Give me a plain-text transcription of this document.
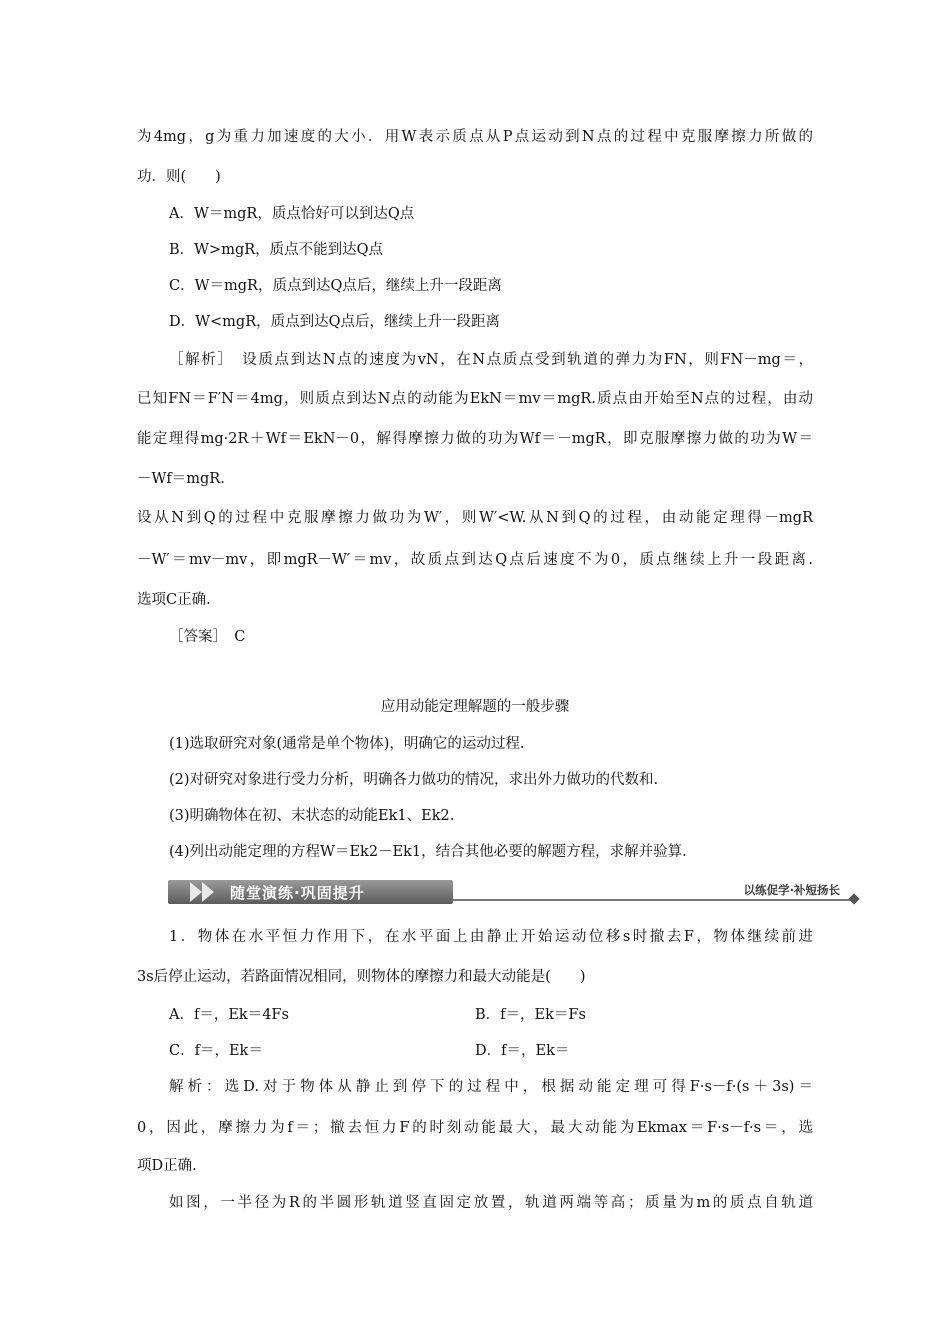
为4mg，g为重力加速度的大小．用W表示质点从P点运动到N点的过程中克服摩擦力所做的
功．则(　　)
A．W＝mgR，质点恰好可以到达Q点
B．W>mgR，质点不能到达Q点
C．W＝mgR，质点到达Q点后，继续上升一段距离
D．W<mgR，质点到达Q点后，继续上升一段距离
［解析］　设质点到达N点的速度为vN，在N点质点受到轨道的弹力为FN，则FN－mg＝，
已知FN＝F′N＝4mg，则质点到达N点的动能为EkN＝mv＝mgR.质点由开始至N点的过程，由动
能定理得mg·2R＋Wf＝EkN－0，解得摩擦力做的功为Wf＝－mgR，即克服摩擦力做的功为W＝
－Wf＝mgR.
设从N到Q的过程中克服摩擦力做功为W′，则W′<W.从N到Q的过程，由动能定理得－mgR
－W′＝mv－mv，即mgR－W′＝mv，故质点到达Q点后速度不为0，质点继续上升一段距离.
选项C正确.
［答案］　C
应用动能定理解题的一般步骤
(1)选取研究对象(通常是单个物体)，明确它的运动过程.
(2)对研究对象进行受力分析，明确各力做功的情况，求出外力做功的代数和.
(3)明确物体在初、末状态的动能Ek1、Ek2.
(4)列出动能定理的方程W＝Ek2－Ek1，结合其他必要的解题方程，求解并验算.
随堂演练·巩固提升	以练促学·补短扬长
1．物体在水平恒力作用下，在水平面上由静止开始运动位移s时撤去F，物体继续前进
3s后停止运动，若路面情况相同，则物体的摩擦力和最大动能是(　　)
A．f＝，Ek＝4Fs	B．f＝，Ek＝Fs
C．f＝，Ek＝	D．f＝，Ek＝
解析：选D.对于物体从静止到停下的过程中，根据动能定理可得F·s－f·(s＋3s)＝
0，因此，摩擦力为f＝；撤去恒力F的时刻动能最大，最大动能为Ekmax＝F·s－f·s＝，选
项D正确.
如图，一半径为R的半圆形轨道竖直固定放置，轨道两端等高；质量为m的质点自轨道
